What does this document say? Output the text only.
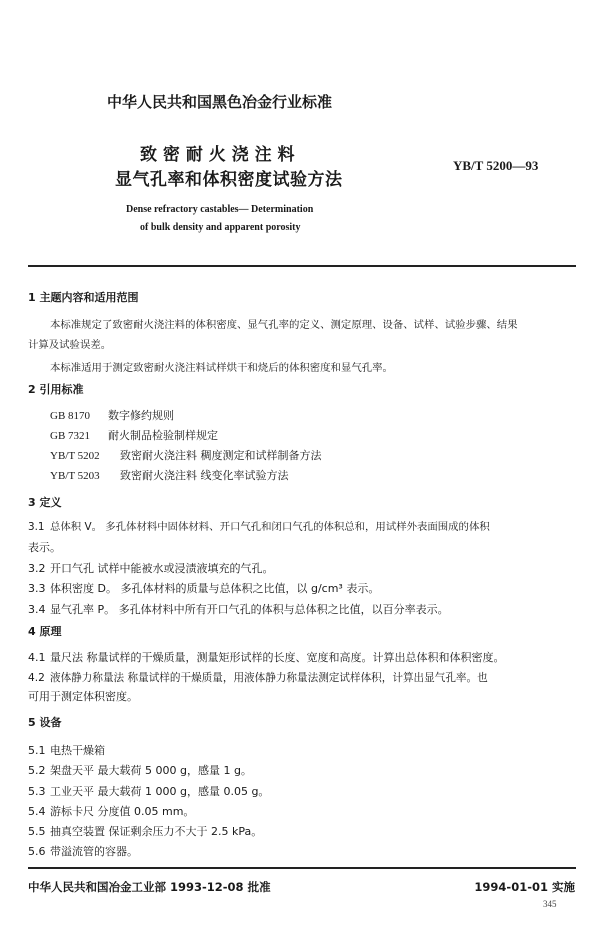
中华人民共和国黑色冶金行业标准
致 密 耐 火 浇 注 料
显气孔率和体积密度试验方法
YB/T 5200—93
Dense refractory castables— Determination
of bulk density and apparent porosity
1 主题内容和适用范围
本标准规定了致密耐火浇注料的体积密度、显气孔率的定义、测定原理、设备、试样、试验步骤、结果
计算及试验误差。
本标准适用于测定致密耐火浇注料试样烘干和烧后的体积密度和显气孔率。
2 引用标准
GB 8170 数字修约规则
GB 7321 耐火制品检验制样规定
YB/T 5202 致密耐火浇注料 稠度测定和试样制备方法
YB/T 5203 致密耐火浇注料 线变化率试验方法
3 定义
3.1 总体积 V。 多孔体材料中固体材料、开口气孔和闭口气孔的体积总和，用试样外表面围成的体积
表示。
3.2 开口气孔 试样中能被水或浸渍液填充的气孔。
3.3 体积密度 D。 多孔体材料的质量与总体积之比值，以 g/cm³ 表示。
3.4 显气孔率 P。 多孔体材料中所有开口气孔的体积与总体积之比值，以百分率表示。
4 原理
4.1 量尺法 称量试样的干燥质量，测量矩形试样的长度、宽度和高度。计算出总体积和体积密度。
4.2 液体静力称量法 称量试样的干燥质量，用液体静力称量法测定试样体积，计算出显气孔率。也
可用于测定体积密度。
5 设备
5.1 电热干燥箱
5.2 架盘天平 最大载荷 5 000 g，感量 1 g。
5.3 工业天平 最大载荷 1 000 g，感量 0.05 g。
5.4 游标卡尺 分度值 0.05 mm。
5.5 抽真空装置 保证剩余压力不大于 2.5 kPa。
5.6 带溢流管的容器。
中华人民共和国冶金工业部 1993-12-08 批准	1994-01-01 实施
345
